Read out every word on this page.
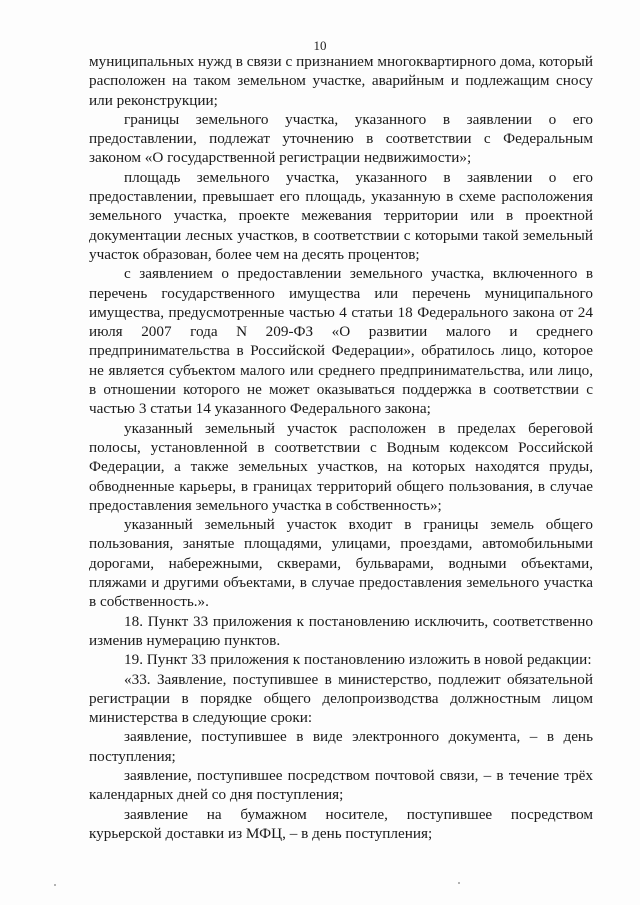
10

муниципальных нужд в связи с признанием многоквартирного дома, который расположен на таком земельном участке, аварийным и подлежащим сносу или реконструкции;

границы земельного участка, указанного в заявлении о его предоставлении, подлежат уточнению в соответствии с Федеральным законом «О государственной регистрации недвижимости»;

площадь земельного участка, указанного в заявлении о его предоставлении, превышает его площадь, указанную в схеме расположения земельного участка, проекте межевания территории или в проектной документации лесных участков, в соответствии с которыми такой земельный участок образован, более чем на десять процентов;

с заявлением о предоставлении земельного участка, включенного в перечень государственного имущества или перечень муниципального имущества, предусмотренные частью 4 статьи 18 Федерального закона от 24 июля 2007 года N 209-ФЗ «О развитии малого и среднего предпринимательства в Российской Федерации», обратилось лицо, которое не является субъектом малого или среднего предпринимательства, или лицо, в отношении которого не может оказываться поддержка в соответствии с частью 3 статьи 14 указанного Федерального закона;

указанный земельный участок расположен в пределах береговой полосы, установленной в соответствии с Водным кодексом Российской Федерации, а также земельных участков, на которых находятся пруды, обводненные карьеры, в границах территорий общего пользования, в случае предоставления земельного участка в собственность»;

указанный земельный участок входит в границы земель общего пользования, занятые площадями, улицами, проездами, автомобильными дорогами, набережными, скверами, бульварами, водными объектами, пляжами и другими объектами, в случае предоставления земельного участка в собственность.».

18. Пункт 33 приложения к постановлению исключить, соответственно изменив нумерацию пунктов.

19. Пункт 33 приложения к постановлению изложить в новой редакции:

«33. Заявление, поступившее в министерство, подлежит обязательной регистрации в порядке общего делопроизводства должностным лицом министерства в следующие сроки:

заявление, поступившее в виде электронного документа, – в день поступления;

заявление, поступившее посредством почтовой связи, – в течение трёх календарных дней со дня поступления;

заявление на бумажном носителе, поступившее посредством курьерской доставки из МФЦ, – в день поступления;
